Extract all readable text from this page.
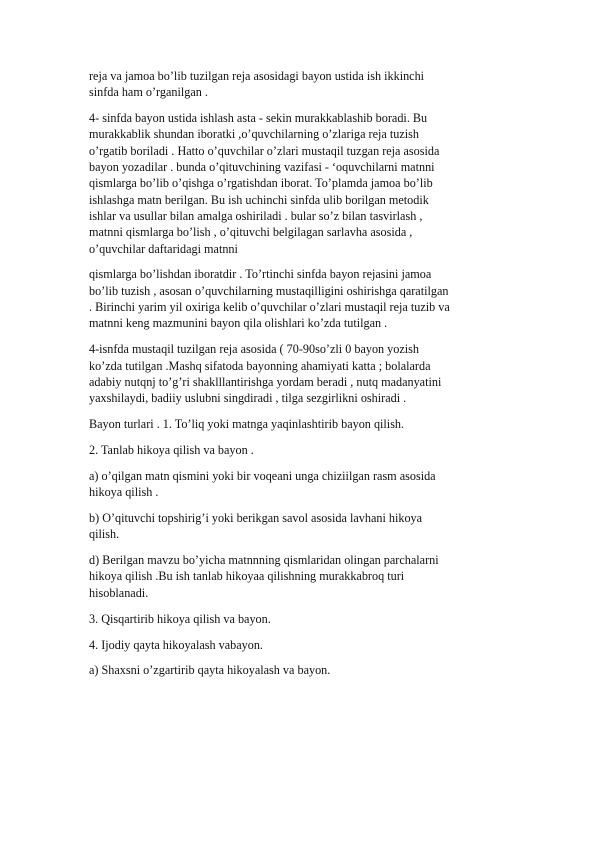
reja va jamoa bo’lib tuzilgan reja asosidagi bayon ustida ish ikkinchi
sinfda ham o’rganilgan .

4- sinfda bayon ustida ishlash asta - sekin murakkablashib boradi. Bu
murakkablik shundan iboratki ,o’quvchilarning o’zlariga reja tuzish
o’rgatib boriladi . Hatto o’quvchilar o’zlari mustaqil tuzgan reja asosida
bayon yozadilar . bunda o’qituvchining vazifasi - ‘oquvchilarni matnni
qismlarga bo’lib o’qishga o’rgatishdan iborat. To’plamda jamoa bo’lib
ishlashga matn berilgan. Bu ish uchinchi sinfda ulib borilgan metodik
ishlar va usullar bilan amalga oshiriladi . bular so’z bilan tasvirlash ,
matnni qismlarga bo’lish , o’qituvchi belgilagan sarlavha asosida ,
o’quvchilar daftaridagi matnni

qismlarga bo’lishdan iboratdir . To’rtinchi sinfda bayon rejasini jamoa
bo’lib tuzish , asosan o’quvchilarning mustaqilligini oshirishga qaratilgan
. Birinchi yarim yil oxiriga kelib o’quvchilar o’zlari mustaqil reja tuzib va
matnni keng mazmunini bayon qila olishlari ko’zda tutilgan .

4-isnfda mustaqil tuzilgan reja asosida ( 70-90so’zli 0 bayon yozish
ko’zda tutilgan .Mashq sifatoda bayonning ahamiyati katta ; bolalarda
adabiy nutqnj to’g’ri shaklllantirishga yordam beradi , nutq madanyatini
yaxshilaydi, badiiy uslubni singdiradi , tilga sezgirlikni oshiradi .

Bayon turlari . 1. To’liq yoki matnga yaqinlashtirib bayon qilish.

2. Tanlab hikoya qilish va bayon .

a) o’qilgan matn qismini yoki bir voqeani unga chiziilgan rasm asosida
hikoya qilish .

b) O’qituvchi topshirig’i yoki berikgan savol asosida lavhani hikoya
qilish.

d) Berilgan mavzu bo’yicha matnnning qismlaridan olingan parchalarni
hikoya qilish .Bu ish tanlab hikoyaa qilishning murakkabroq turi
hisoblanadi.

3. Qisqartirib hikoya qilish va bayon.

4. Ijodiy qayta hikoyalash vabayon.

a) Shaxsni o’zgartirib qayta hikoyalash va bayon.
